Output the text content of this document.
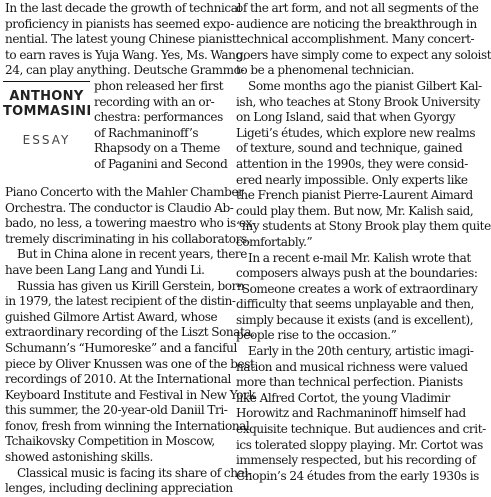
In the last decade the growth of technical
proficiency in pianists has seemed expo-
nential. The latest young Chinese pianist
to earn raves is Yuja Wang. Yes, Ms. Wang,
24, can play anything. Deutsche Grammo-
ANTHONY
TOMMASINI
ESSAY
phon released her first
recording with an or-
chestra: performances
of Rachmaninoff’s
Rhapsody on a Theme
of Paganini and Second
Piano Concerto with the Mahler Chamber
Orchestra. The conductor is Claudio Ab-
bado, no less, a towering maestro who is ex-
tremely discriminating in his collaborators.
But in China alone in recent years, there
have been Lang Lang and Yundi Li.
Russia has given us Kirill Gerstein, born
in 1979, the latest recipient of the distin-
guished Gilmore Artist Award, whose
extraordinary recording of the Liszt Sonata,
Schumann’s “Humoreske” and a fanciful
piece by Oliver Knussen was one of the best
recordings of 2010. At the International
Keyboard Institute and Festival in New York
this summer, the 20-year-old Daniil Tri-
fonov, fresh from winning the International
Tchaikovsky Competition in Moscow,
showed astonishing skills.
Classical music is facing its share of chal-
lenges, including declining appreciation
of the art form, and not all segments of the
audience are noticing the breakthrough in
technical accomplishment. Many concert-
goers have simply come to expect any soloist
to be a phenomenal technician.
Some months ago the pianist Gilbert Kal-
ish, who teaches at Stony Brook University
on Long Island, said that when Gyorgy
Ligeti’s études, which explore new realms
of texture, sound and technique, gained
attention in the 1990s, they were consid-
ered nearly impossible. Only experts like
the French pianist Pierre-Laurent Aimard
could play them. But now, Mr. Kalish said,
“my students at Stony Brook play them quite
comfortably.”
In a recent e-mail Mr. Kalish wrote that
composers always push at the boundaries:
“Someone creates a work of extraordinary
difficulty that seems unplayable and then,
simply because it exists (and is excellent),
people rise to the occasion.”
Early in the 20th century, artistic imagi-
nation and musical richness were valued
more than technical perfection. Pianists
like Alfred Cortot, the young Vladimir
Horowitz and Rachmaninoff himself had
exquisite technique. But audiences and crit-
ics tolerated sloppy playing. Mr. Cortot was
immensely respected, but his recording of
Chopin’s 24 études from the early 1930s is
